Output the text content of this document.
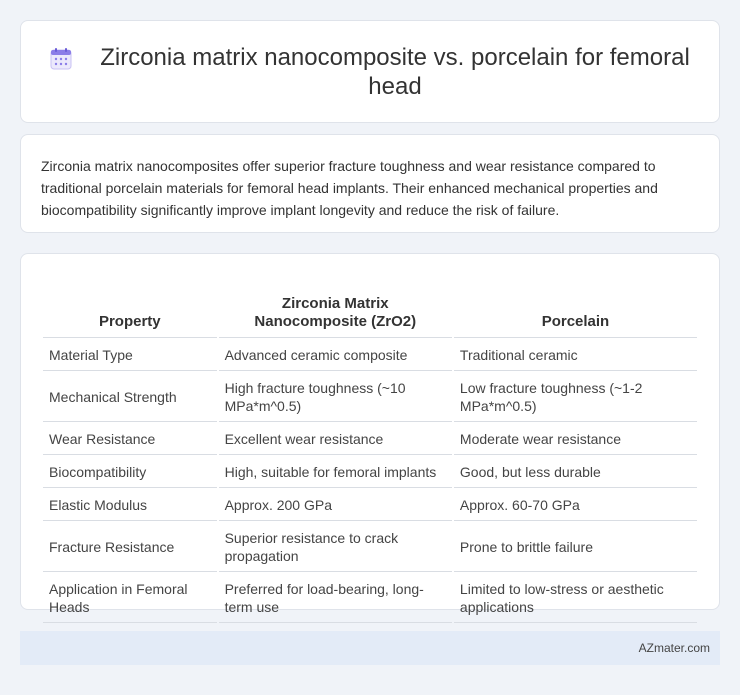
Zirconia matrix nanocomposite vs. porcelain for femoral head

Zirconia matrix nanocomposites offer superior fracture toughness and wear resistance compared to traditional porcelain materials for femoral head implants. Their enhanced mechanical properties and biocompatibility significantly improve implant longevity and reduce the risk of failure.

Property	Zirconia Matrix Nanocomposite (ZrO2)	Porcelain
Material Type	Advanced ceramic composite	Traditional ceramic
Mechanical Strength	High fracture toughness (~10 MPa*m^0.5)	Low fracture toughness (~1-2 MPa*m^0.5)
Wear Resistance	Excellent wear resistance	Moderate wear resistance
Biocompatibility	High, suitable for femoral implants	Good, but less durable
Elastic Modulus	Approx. 200 GPa	Approx. 60-70 GPa
Fracture Resistance	Superior resistance to crack propagation	Prone to brittle failure
Application in Femoral Heads	Preferred for load-bearing, long-term use	Limited to low-stress or aesthetic applications
AZmater.com
